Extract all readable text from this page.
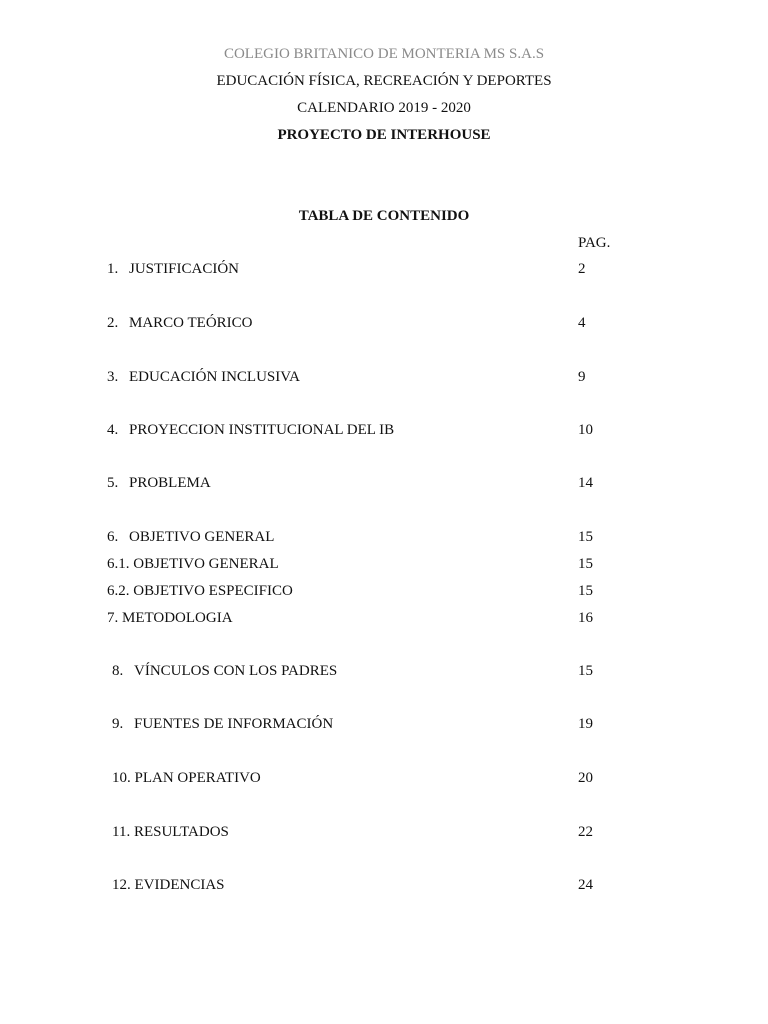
COLEGIO BRITANICO DE MONTERIA MS S.A.S
EDUCACIÓN FÍSICA, RECREACIÓN Y DEPORTES
CALENDARIO 2019 - 2020
PROYECTO DE INTERHOUSE
TABLA DE CONTENIDO
PAG.
1. JUSTIFICACIÓN	2
2. MARCO TEÓRICO	4
3. EDUCACIÓN INCLUSIVA	9
4. PROYECCION INSTITUCIONAL DEL IB	10
5. PROBLEMA	14
6. OBJETIVO GENERAL	15
6.1. OBJETIVO GENERAL	15
6.2. OBJETIVO ESPECIFICO	15
7. METODOLOGIA	16
8. VÍNCULOS CON LOS PADRES	15
9. FUENTES DE INFORMACIÓN	19
10. PLAN OPERATIVO	20
11. RESULTADOS	22
12. EVIDENCIAS	24
